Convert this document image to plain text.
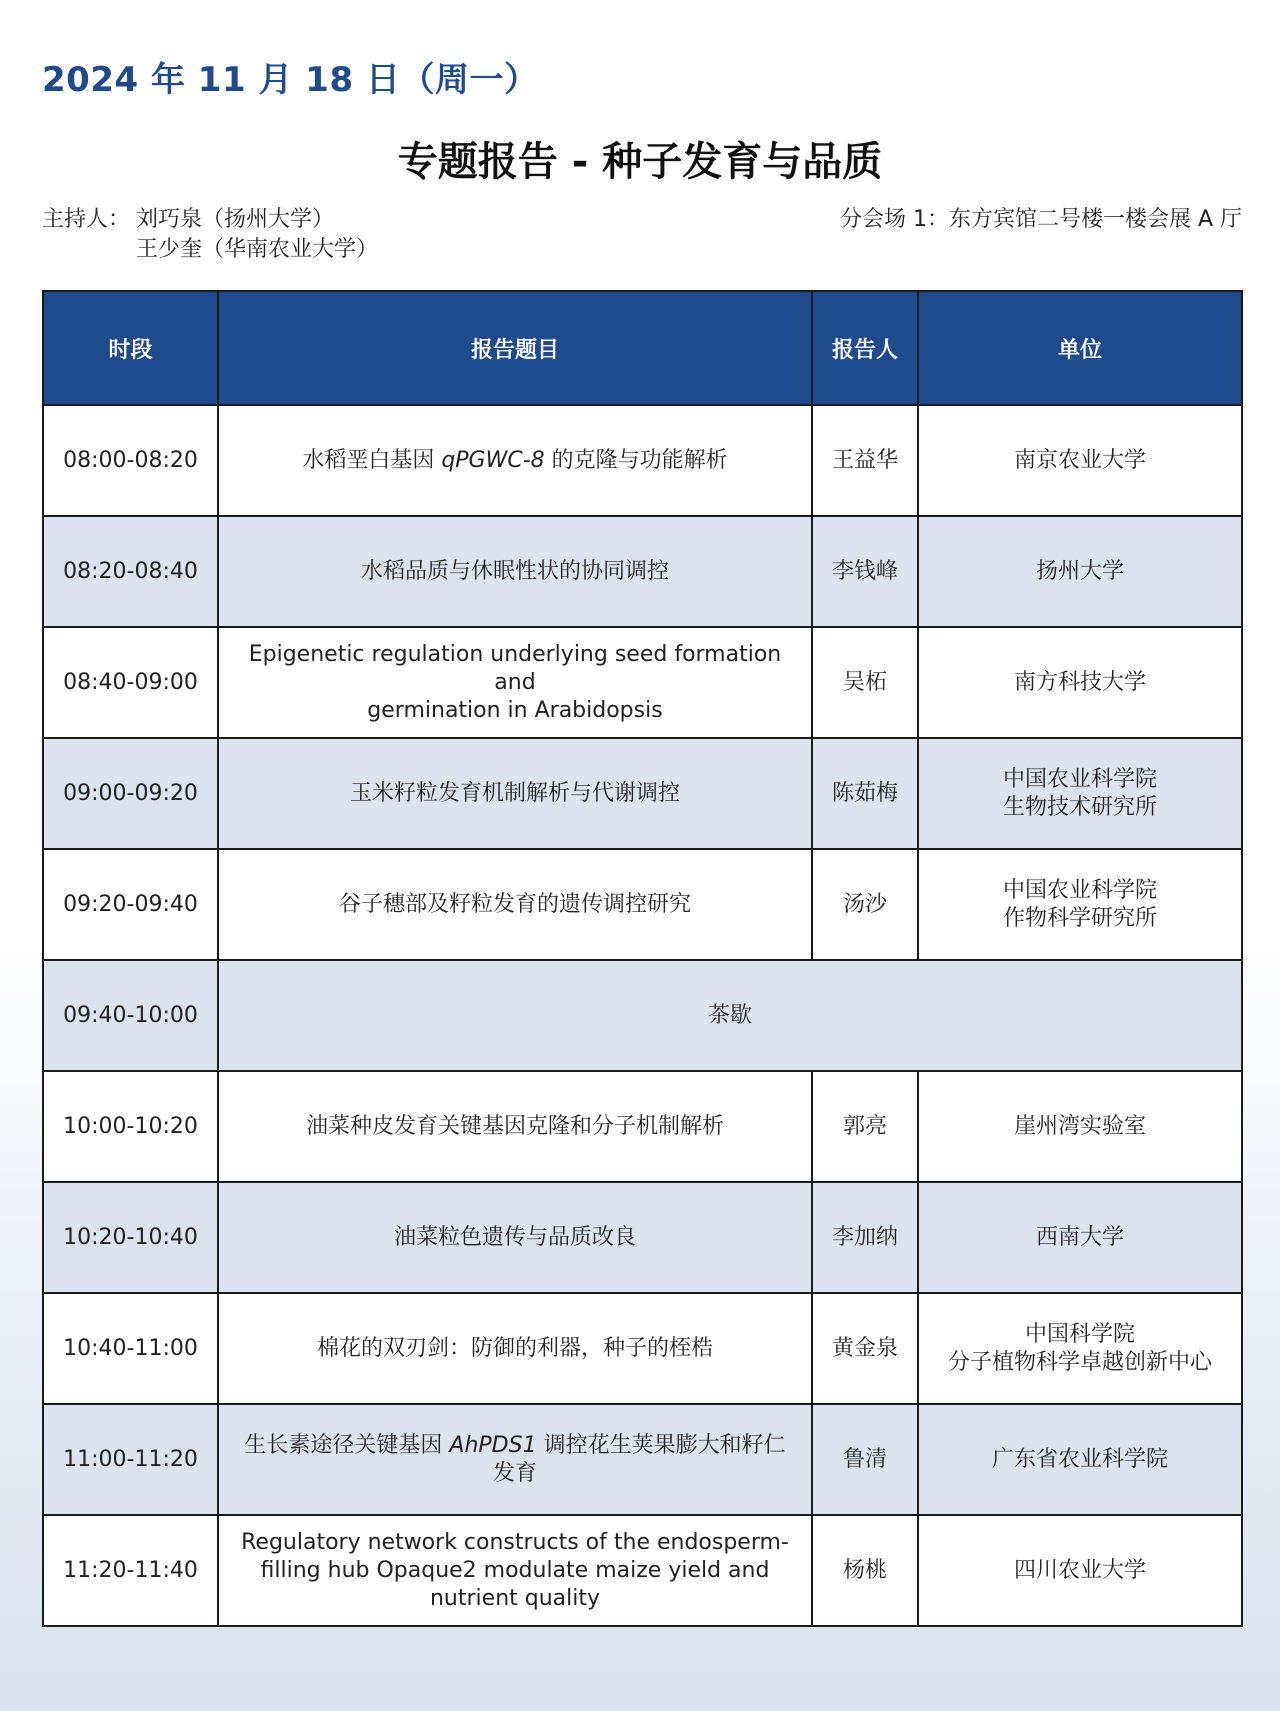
2024 年 11 月 18 日（周一）
专题报告 - 种子发育与品质
主持人： 刘巧泉（扬州大学）
王少奎（华南农业大学）
分会场 1：东方宾馆二号楼一楼会展 A 厅
时段	报告题目	报告人	单位
08:00-08:20	水稻垩白基因 qPGWC-8 的克隆与功能解析	王益华	南京农业大学
08:20-08:40	水稻品质与休眠性状的协同调控	李钱峰	扬州大学
08:40-09:00	Epigenetic regulation underlying seed formation and
germination in Arabidopsis	吴柘	南方科技大学
09:00-09:20	玉米籽粒发育机制解析与代谢调控	陈茹梅	中国农业科学院
生物技术研究所
09:20-09:40	谷子穗部及籽粒发育的遗传调控研究	汤沙	中国农业科学院
作物科学研究所
09:40-10:00	茶歇		
10:00-10:20	油菜种皮发育关键基因克隆和分子机制解析	郭亮	崖州湾实验室
10:20-10:40	油菜粒色遗传与品质改良	李加纳	西南大学
10:40-11:00	棉花的双刃剑：防御的利器，种子的桎梏	黄金泉	中国科学院
分子植物科学卓越创新中心
11:00-11:20	生长素途径关键基因 AhPDS1 调控花生荚果膨大和籽仁
发育	鲁清	广东省农业科学院
11:20-11:40	Regulatory network constructs of the endosperm-
filling hub Opaque2 modulate maize yield and
nutrient quality	杨桃	四川农业大学
